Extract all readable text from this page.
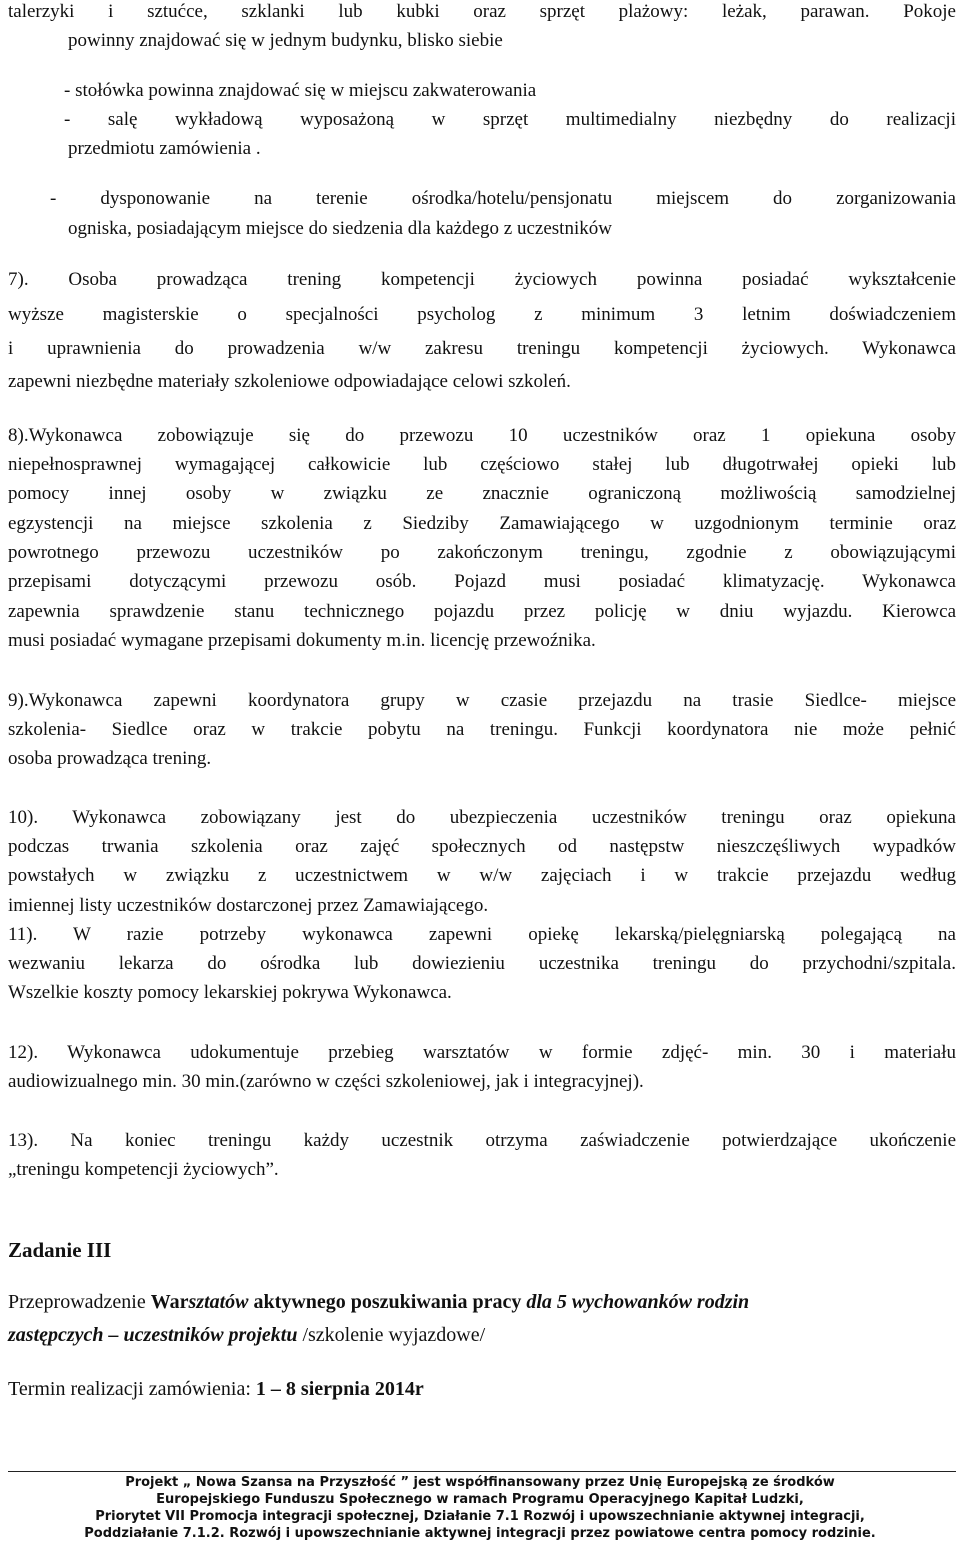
talerzyki i sztućce, szklanki lub kubki oraz sprzęt plażowy: leżak, parawan. Pokoje
powinny znajdować się w jednym budynku, blisko siebie
- stołówka powinna znajdować się w miejscu zakwaterowania
- salę wykładową wyposażoną w sprzęt multimedialny niezbędny do realizacji
przedmiotu zamówienia .
- dysponowanie na terenie ośrodka/hotelu/pensjonatu miejscem do zorganizowania
ogniska, posiadającym miejsce do siedzenia dla każdego z uczestników
7). Osoba prowadząca trening kompetencji życiowych powinna posiadać wykształcenie
wyższe magisterskie o specjalności psycholog z minimum 3 letnim doświadczeniem
i uprawnienia do prowadzenia w/w zakresu treningu kompetencji życiowych. Wykonawca
zapewni niezbędne materiały szkoleniowe odpowiadające celowi szkoleń.
8).Wykonawca zobowiązuje się do przewozu 10 uczestników oraz 1 opiekuna osoby
niepełnosprawnej wymagającej całkowicie lub częściowo stałej lub długotrwałej opieki lub
pomocy innej osoby w związku ze znacznie ograniczoną możliwością samodzielnej
egzystencji na miejsce szkolenia z Siedziby Zamawiającego w uzgodnionym terminie oraz
powrotnego przewozu uczestników po zakończonym treningu, zgodnie z obowiązującymi
przepisami dotyczącymi przewozu osób. Pojazd musi posiadać klimatyzację. Wykonawca
zapewnia sprawdzenie stanu technicznego pojazdu przez policję w dniu wyjazdu. Kierowca
musi posiadać wymagane przepisami dokumenty m.in. licencję przewoźnika.
9).Wykonawca zapewni koordynatora grupy w czasie przejazdu na trasie Siedlce- miejsce
szkolenia- Siedlce oraz w trakcie pobytu na treningu. Funkcji koordynatora nie może pełnić
osoba prowadząca trening.
10). Wykonawca zobowiązany jest do ubezpieczenia uczestników treningu oraz opiekuna
podczas trwania szkolenia oraz zajęć społecznych od następstw nieszczęśliwych wypadków
powstałych w związku z uczestnictwem w w/w zajęciach i w trakcie przejazdu według
imiennej listy uczestników dostarczonej przez Zamawiającego.
11). W razie potrzeby wykonawca zapewni opiekę lekarską/pielęgniarską polegającą na
wezwaniu lekarza do ośrodka lub dowiezieniu uczestnika treningu do przychodni/szpitala.
Wszelkie koszty pomocy lekarskiej pokrywa Wykonawca.
12). Wykonawca udokumentuje przebieg warsztatów w formie zdjęć- min. 30 i materiału
audiowizualnego min. 30 min.(zarówno w części szkoleniowej, jak i integracyjnej).
13). Na koniec treningu każdy uczestnik otrzyma zaświadczenie potwierdzające ukończenie
„treningu kompetencji życiowych”.
Zadanie III
Przeprowadzenie Warsztatów aktywnego poszukiwania pracy dla 5 wychowanków rodzin
zastępczych – uczestników projektu /szkolenie wyjazdowe/
Termin realizacji zamówienia: 1 – 8 sierpnia 2014r
Projekt „ Nowa Szansa na Przyszłość ” jest współfinansowany przez Unię Europejską ze środków
Europejskiego Funduszu Społecznego w ramach Programu Operacyjnego Kapitał Ludzki,
Priorytet VII Promocja integracji społecznej, Działanie 7.1 Rozwój i upowszechnianie aktywnej integracji,
Poddziałanie 7.1.2. Rozwój i upowszechnianie aktywnej integracji przez powiatowe centra pomocy rodzinie.
